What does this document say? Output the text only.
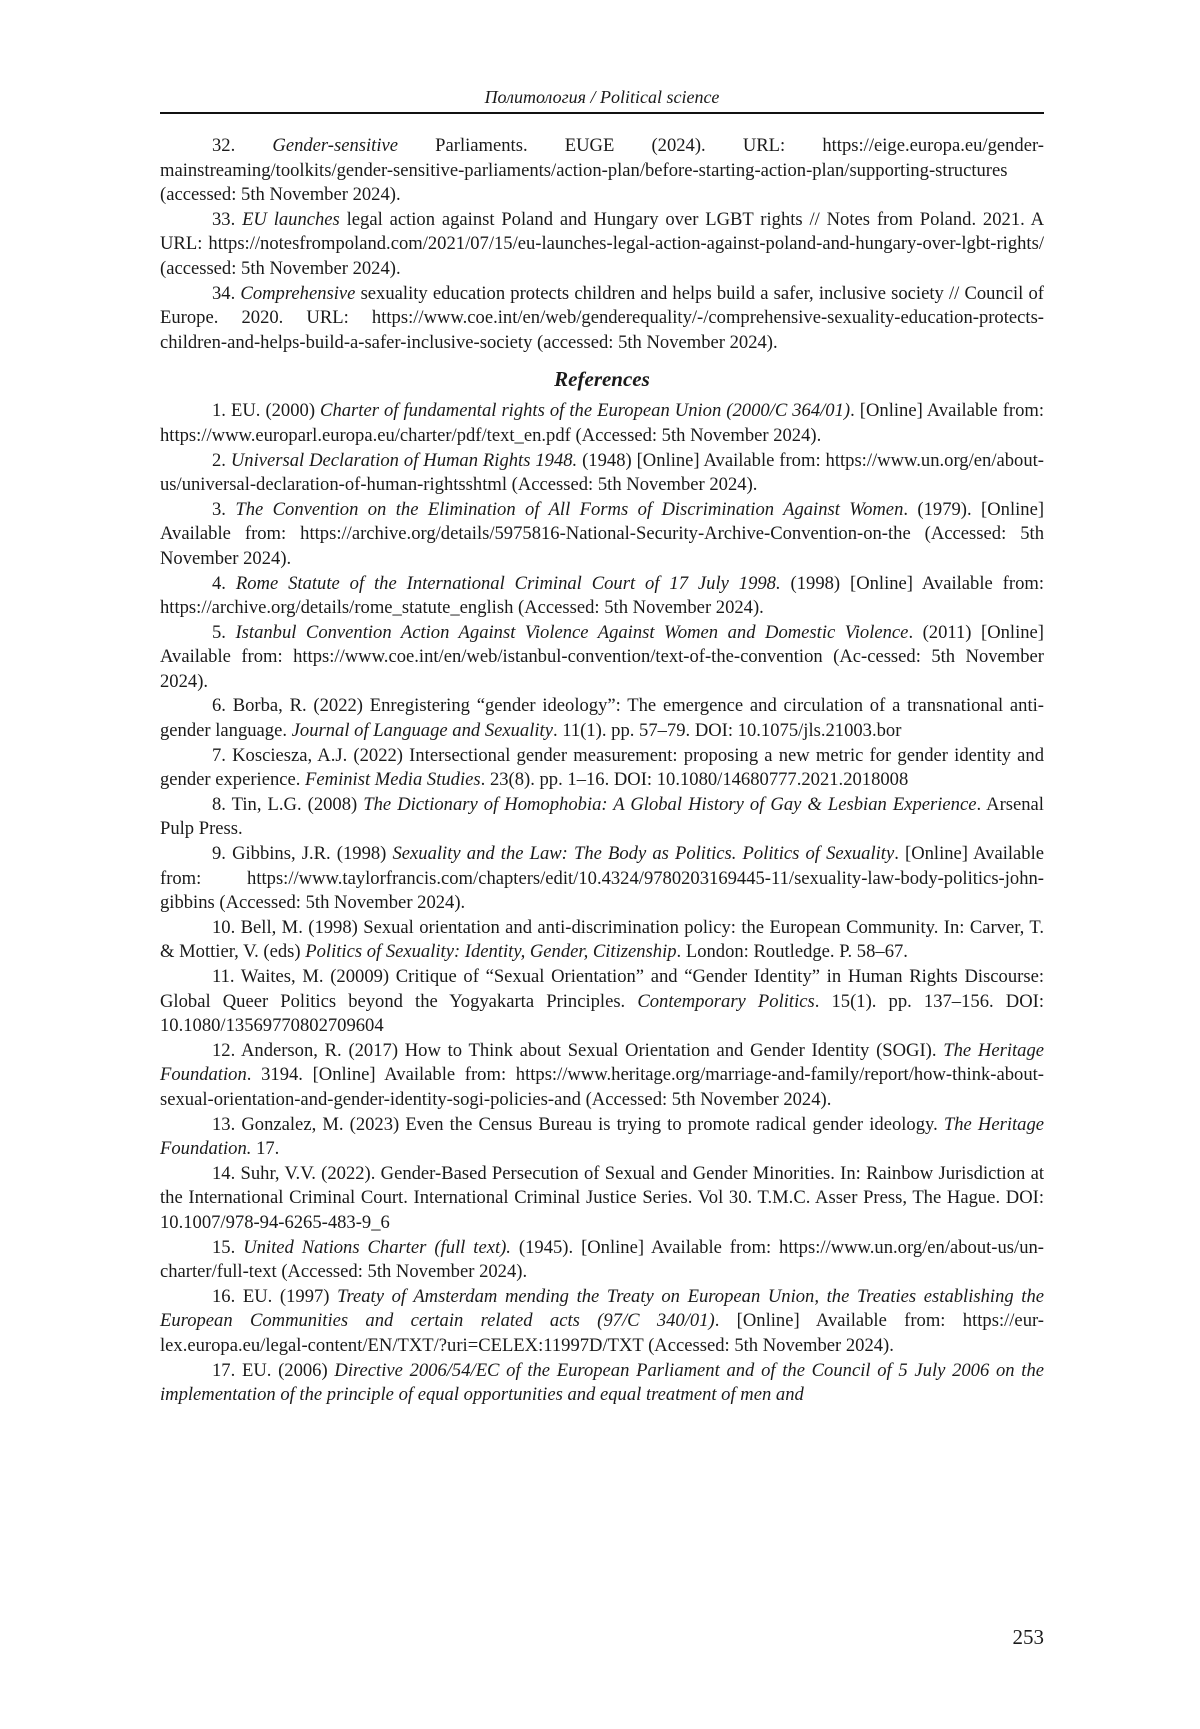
Политология / Political science

32. Gender-sensitive Parliaments. EUGE (2024). URL: https://eige.europa.eu/gender-mainstreaming/toolkits/gender-sensitive-parliaments/action-plan/before-starting-action-plan/supporting-structures (accessed: 5th November 2024).

33. EU launches legal action against Poland and Hungary over LGBT rights // Notes from Poland. 2021. A URL: https://notesfrompoland.com/2021/07/15/eu-launches-legal-action-against-poland-and-hungary-over-lgbt-rights/ (accessed: 5th November 2024).

34. Comprehensive sexuality education protects children and helps build a safer, inclusive society // Council of Europe. 2020. URL: https://www.coe.int/en/web/genderequality/-/comprehensive-sexuality-education-protects-children-and-helps-build-a-safer-inclusive-society (accessed: 5th November 2024).

References

1. EU. (2000) Charter of fundamental rights of the European Union (2000/C 364/01). [Online] Available from: https://www.europarl.europa.eu/charter/pdf/text_en.pdf (Accessed: 5th November 2024).

2. Universal Declaration of Human Rights 1948. (1948) [Online] Available from: https://www.un.org/en/about-us/universal-declaration-of-human-rightsshtml (Accessed: 5th November 2024).

3. The Convention on the Elimination of All Forms of Discrimination Against Women. (1979). [Online] Available from: https://archive.org/details/5975816-National-Security-Archive-Convention-on-the (Accessed: 5th November 2024).

4. Rome Statute of the International Criminal Court of 17 July 1998. (1998) [Online] Available from: https://archive.org/details/rome_statute_english (Accessed: 5th November 2024).

5. Istanbul Convention Action Against Violence Against Women and Domestic Violence. (2011) [Online] Available from: https://www.coe.int/en/web/istanbul-convention/text-of-the-convention (Ac-cessed: 5th November 2024).

6. Borba, R. (2022) Enregistering “gender ideology”: The emergence and circulation of a transnational anti-gender language. Journal of Language and Sexuality. 11(1). pp. 57–79. DOI: 10.1075/jls.21003.bor

7. Kosciesza, A.J. (2022) Intersectional gender measurement: proposing a new metric for gender identity and gender experience. Feminist Media Studies. 23(8). pp. 1–16. DOI: 10.1080/14680777.2021.2018008

8. Tin, L.G. (2008) The Dictionary of Homophobia: A Global History of Gay & Lesbian Experience. Arsenal Pulp Press.

9. Gibbins, J.R. (1998) Sexuality and the Law: The Body as Politics. Politics of Sexuality. [Online] Available from: https://www.taylorfrancis.com/chapters/edit/10.4324/9780203169445-11/sexuality-law-body-politics-john-gibbins (Accessed: 5th November 2024).

10. Bell, M. (1998) Sexual orientation and anti-discrimination policy: the European Community. In: Carver, T. & Mottier, V. (eds) Politics of Sexuality: Identity, Gender, Citizenship. London: Routledge. P. 58–67.

11. Waites, M. (20009) Critique of “Sexual Orientation” and “Gender Identity” in Human Rights Discourse: Global Queer Politics beyond the Yogyakarta Principles. Contemporary Politics. 15(1). pp. 137–156. DOI: 10.1080/13569770802709604

12. Anderson, R. (2017) How to Think about Sexual Orientation and Gender Identity (SOGI). The Heritage Foundation. 3194. [Online] Available from: https://www.heritage.org/marriage-and-family/report/how-think-about-sexual-orientation-and-gender-identity-sogi-policies-and (Accessed: 5th November 2024).

13. Gonzalez, M. (2023) Even the Census Bureau is trying to promote radical gender ideology. The Heritage Foundation. 17.

14. Suhr, V.V. (2022). Gender-Based Persecution of Sexual and Gender Minorities. In: Rainbow Jurisdiction at the International Criminal Court. International Criminal Justice Series. Vol 30. T.M.C. Asser Press, The Hague. DOI: 10.1007/978-94-6265-483-9_6

15. United Nations Charter (full text). (1945). [Online] Available from: https://www.un.org/en/about-us/un-charter/full-text (Accessed: 5th November 2024).

16. EU. (1997) Treaty of Amsterdam mending the Treaty on European Union, the Treaties establishing the European Communities and certain related acts (97/C 340/01). [Online] Available from: https://eur-lex.europa.eu/legal-content/EN/TXT/?uri=CELEX:11997D/TXT (Accessed: 5th November 2024).

17. EU. (2006) Directive 2006/54/EC of the European Parliament and of the Council of 5 July 2006 on the implementation of the principle of equal opportunities and equal treatment of men and

253
